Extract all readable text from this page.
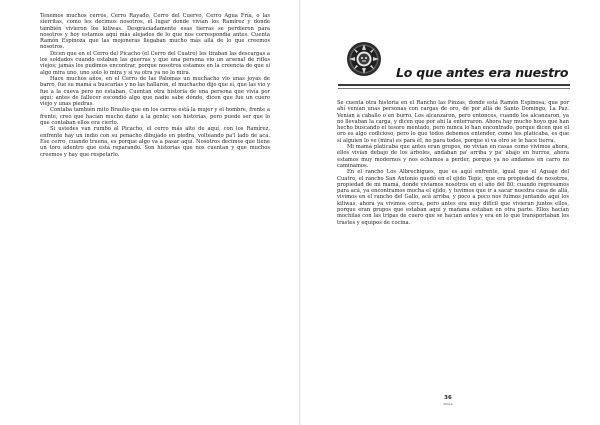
Tenemos muchos cerros, Cerro Rayado, Cerro del Cuervo, Cerro Agua Fría, o las sierritas, como les decimos nosotros, el lugar donde vivían los Ramírez y donde también vivieron los kiliwas. Desgraciadamente esas tierras se perdieron para nosotros y hoy estamos aquí más alejados de lo que nos correspondía antes. Cuenta Ramón Espinoza que las mojoneras llegaban mucho más allá de lo que creemos nosotros.

Dicen que en el Cerro del Picacho (el Cerro del Cuatro) les tiraban las descargas a los soldados cuando estaban las guerras y que una persona vio un arsenal de rifles viejos; jamás los pudimos encontrar, porque nosotros estamos en la creencia de que si algo mira uno, uno solo lo mira y si va otra ya no lo mira.

Hace muchos años, en el Cerro de las Palomas un muchacho vio unas joyas de barro, fue su mamá a buscarlas y no las hallaron, el muchacho dijo que sí, que las vio y fue a la cueva pero no estaban. Cuentan otra historia de una persona que vivía por aquí; antes de fallecer escondió algo que nadie sabe dónde, dicen que fue un cuero viejo y unas piedras.

Contaba también mito Braulio que en los cerros está la mujer y el hombre, frente a frente, creo que hacían mucho daño a la gente; son historias, pero puede ser que lo que contaban ellos era cierto.

Si ustedes van rumbo al Picacho, el cerro más alto de aquí, con los Ramírez, enfrente hay un indio con su penacho dibujado en piedra, volteando pa'l lado de acá. Ese cerro, cuando truena, es porque algo va a pasar aquí. Nosotros decimos que tiene un toro adentro que está reparando. Son historias que nos cuentan y que muchos creemos y hay que respetarlo.

Lo que antes era nuestro

Se cuenta otra historia en el Rancho las Pinzas, donde está Ramón Espinosa; que por ahí venían unas personas con cargas de oro, de por allá de Santo Domingo, La Paz. Venían a caballo o en burro. Los alcanzaron, pero entonces, cuando los alcanzaron, ya no llevaban la carga, y dicen que por ahí la enterraron. Ahora hay mucho hoyo que han hecho buscando el tesoro mentado, pero nunca lo han encontrado, porque dicen que el oro es algo codicioso, pero lo que todos debemos entender, como les platicaba, es que si alguien lo ve (mira) es para él, no para todos, porque si va otro se le hace tierra.

Mi mamá platicaba que antes eran grupos, no vivían en casas como vivimos ahora, ellos vivían debajo de los árboles, andaban pa' arriba y pa' abajo en burros, ahora estamos muy modernos y nos echamos a perder, porque ya no andamos en carro no caminamos.

En el rancho Los Albrechigues, que es aquí enfrente, igual que el Aguaje del Cuatro, el rancho San Antonio quedó en el ejido Tepic, que era propiedad de nosotros, propiedad de mi mamá, donde vivíamos nosotros en el año del 80; cuando regresamos para acá, ya encontramos mocha el ejido, y tuvimos que ir a sacar nuestra casa de allá, vivimos en el rancho del Gallo, acá arriba, y poco a poco nos fuimos juntando aquí los kiliwas, ahora ya vivimos cerca, pero antes era muy difícil que vivieran juntos ellos, porque eran grupos que estaban aquí y mañana estaban en otra parte. Ellos hacían mochilas con las tripas de cuero que se hacían antes y era en lo que transportaban los trastes y equipos de cocina.

36
kiliwa
